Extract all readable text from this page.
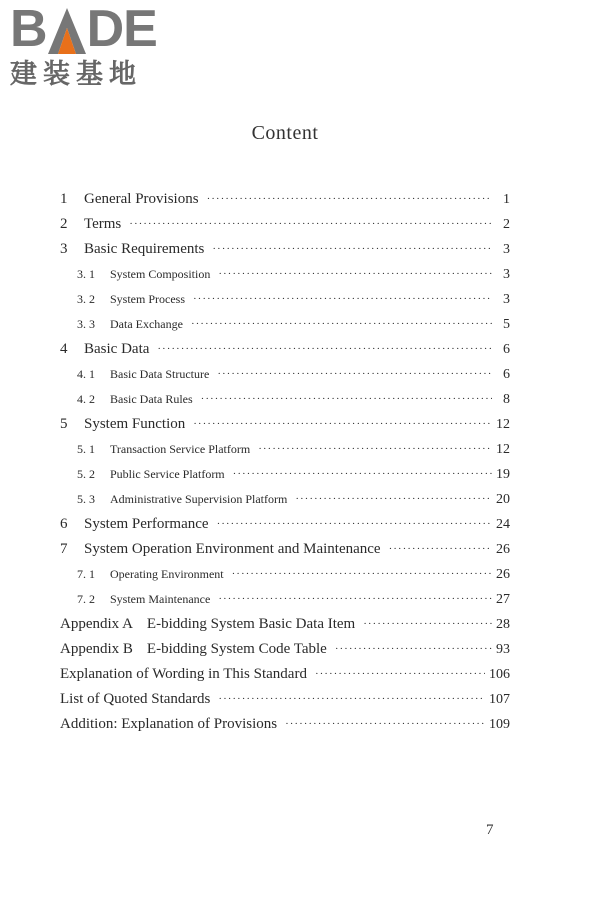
B DE
建装基地
Content
1 General Provisions ·····	1
2 Terms ·····	2
3 Basic Requirements ·····	3
3. 1 System Composition ·····	3
3. 2 System Process ·····	3
3. 3 Data Exchange ·····	5
4 Basic Data ·····	6
4. 1 Basic Data Structure ·····	6
4. 2 Basic Data Rules ·····	8
5 System Function ·····	12
5. 1 Transaction Service Platform ·····	12
5. 2 Public Service Platform ·····	19
5. 3 Administrative Supervision Platform ·····	20
6 System Performance ·····	24
7 System Operation Environment and Maintenance ·····	26
7. 1 Operating Environment ·····	26
7. 2 System Maintenance ·····	27
Appendix A E-bidding System Basic Data Item ·····	28
Appendix B E-bidding System Code Table ·····	93
Explanation of Wording in This Standard ·····	106
List of Quoted Standards ·····	107
Addition: Explanation of Provisions ·····	109
7
